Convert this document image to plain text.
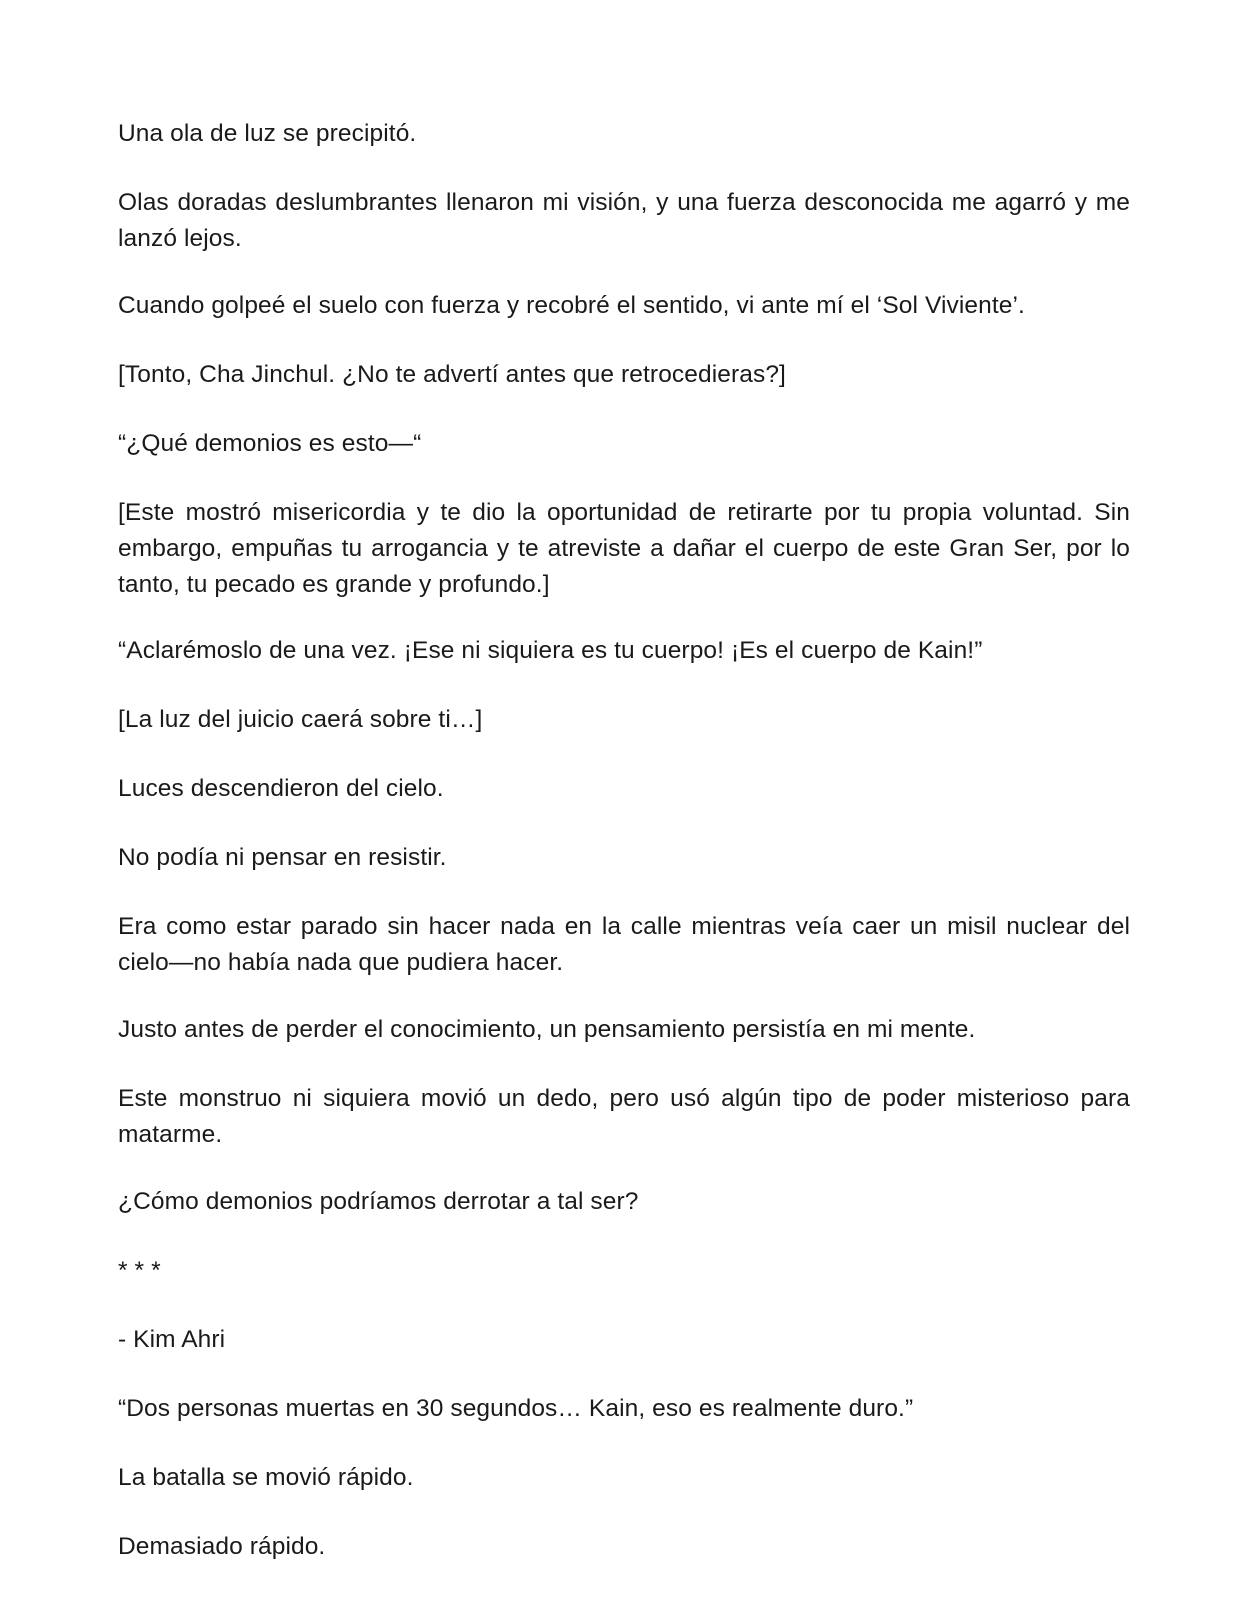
Una ola de luz se precipitó.

Olas doradas deslumbrantes llenaron mi visión, y una fuerza desconocida me agarró y me lanzó lejos.

Cuando golpeé el suelo con fuerza y recobré el sentido, vi ante mí el ‘Sol Viviente’.

[Tonto, Cha Jinchul. ¿No te advertí antes que retrocedieras?]

“¿Qué demonios es esto—“

[Este mostró misericordia y te dio la oportunidad de retirarte por tu propia voluntad. Sin embargo, empuñas tu arrogancia y te atreviste a dañar el cuerpo de este Gran Ser, por lo tanto, tu pecado es grande y profundo.]

“Aclarémoslo de una vez. ¡Ese ni siquiera es tu cuerpo! ¡Es el cuerpo de Kain!”

[La luz del juicio caerá sobre ti…]

Luces descendieron del cielo.

No podía ni pensar en resistir.

Era como estar parado sin hacer nada en la calle mientras veía caer un misil nuclear del cielo—no había nada que pudiera hacer.

Justo antes de perder el conocimiento, un pensamiento persistía en mi mente.

Este monstruo ni siquiera movió un dedo, pero usó algún tipo de poder misterioso para matarme.

¿Cómo demonios podríamos derrotar a tal ser?

* * *

- Kim Ahri

“Dos personas muertas en 30 segundos… Kain, eso es realmente duro.”

La batalla se movió rápido.

Demasiado rápido.
